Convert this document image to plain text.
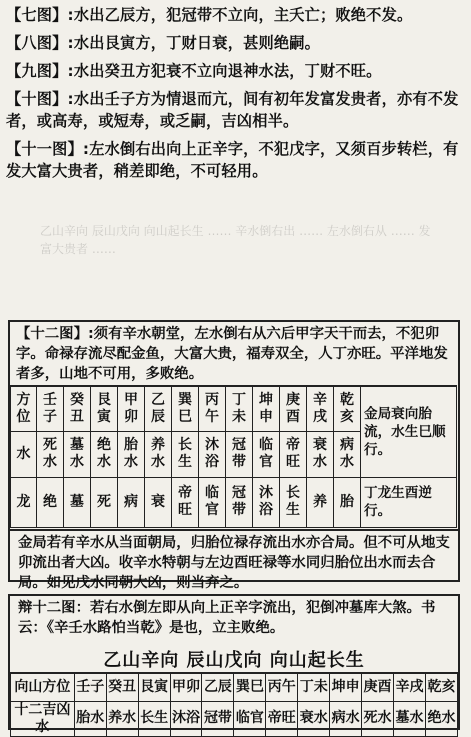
【七图】:水出乙辰方，犯冠带不立向，主夭亡；败绝不发。

【八图】:水出艮寅方，丁财日衰，甚则绝嗣。

【九图】:水出癸丑方犯衰不立向退神水法，丁财不旺。

【十图】:水出壬子方为情退而亢，间有初年发富发贵者，亦有不发者，或高寿，或短寿，或乏嗣，吉凶相半。

【十一图】:左水倒右出向上正辛字，不犯戊字，又须百步转栏，有发大富大贵者，稍差即绝，不可轻用。

乙山辛向 辰山戊向 向山起长生 …… 辛水倒右出 …… 左水倒右从 …… 发富大贵者 ……

【十二图】:须有辛水朝堂，左水倒右从六后甲字天干而去，不犯卯字。命禄存流尽配金鱼，大富大贵，福寿双全，人丁亦旺。平洋地发者多，山地不可用，多败绝。

方位	壬子	癸丑	艮寅	甲卯	乙辰	巽巳	丙午	丁未	坤申	庚酉	辛戌	乾亥	金局衰向胎流，水生巳顺行。
水	死水	墓水	绝水	胎水	养水	长生	沐浴	冠带	临官	帝旺	衰水	病水	
龙	绝	墓	死	病	衰	帝旺	临官	冠带	沐浴	长生	养	胎	丁龙生酉逆行。

金局若有辛水从当面朝局，归胎位禄存流出水亦合局。但不可从地支卯流出者大凶。收辛水特朝与左边酉旺禄等水同归胎位出水而去合局。如见戊水同朝大凶，则当弃之。

辩十二图：若右水倒左即从向上正辛字流出，犯倒冲墓库大煞。书云：《辛壬水路怕当乾》是也，立主败绝。

乙山辛向 辰山戊向 向山起长生
向山方位	壬子	癸丑	艮寅	甲卯	乙辰	巽巳	丙午	丁未	坤申	庚酉	辛戌	乾亥
十二吉凶水	胎水	养水	长生	沐浴	冠带	临官	帝旺	衰水	病水	死水	墓水	绝水
